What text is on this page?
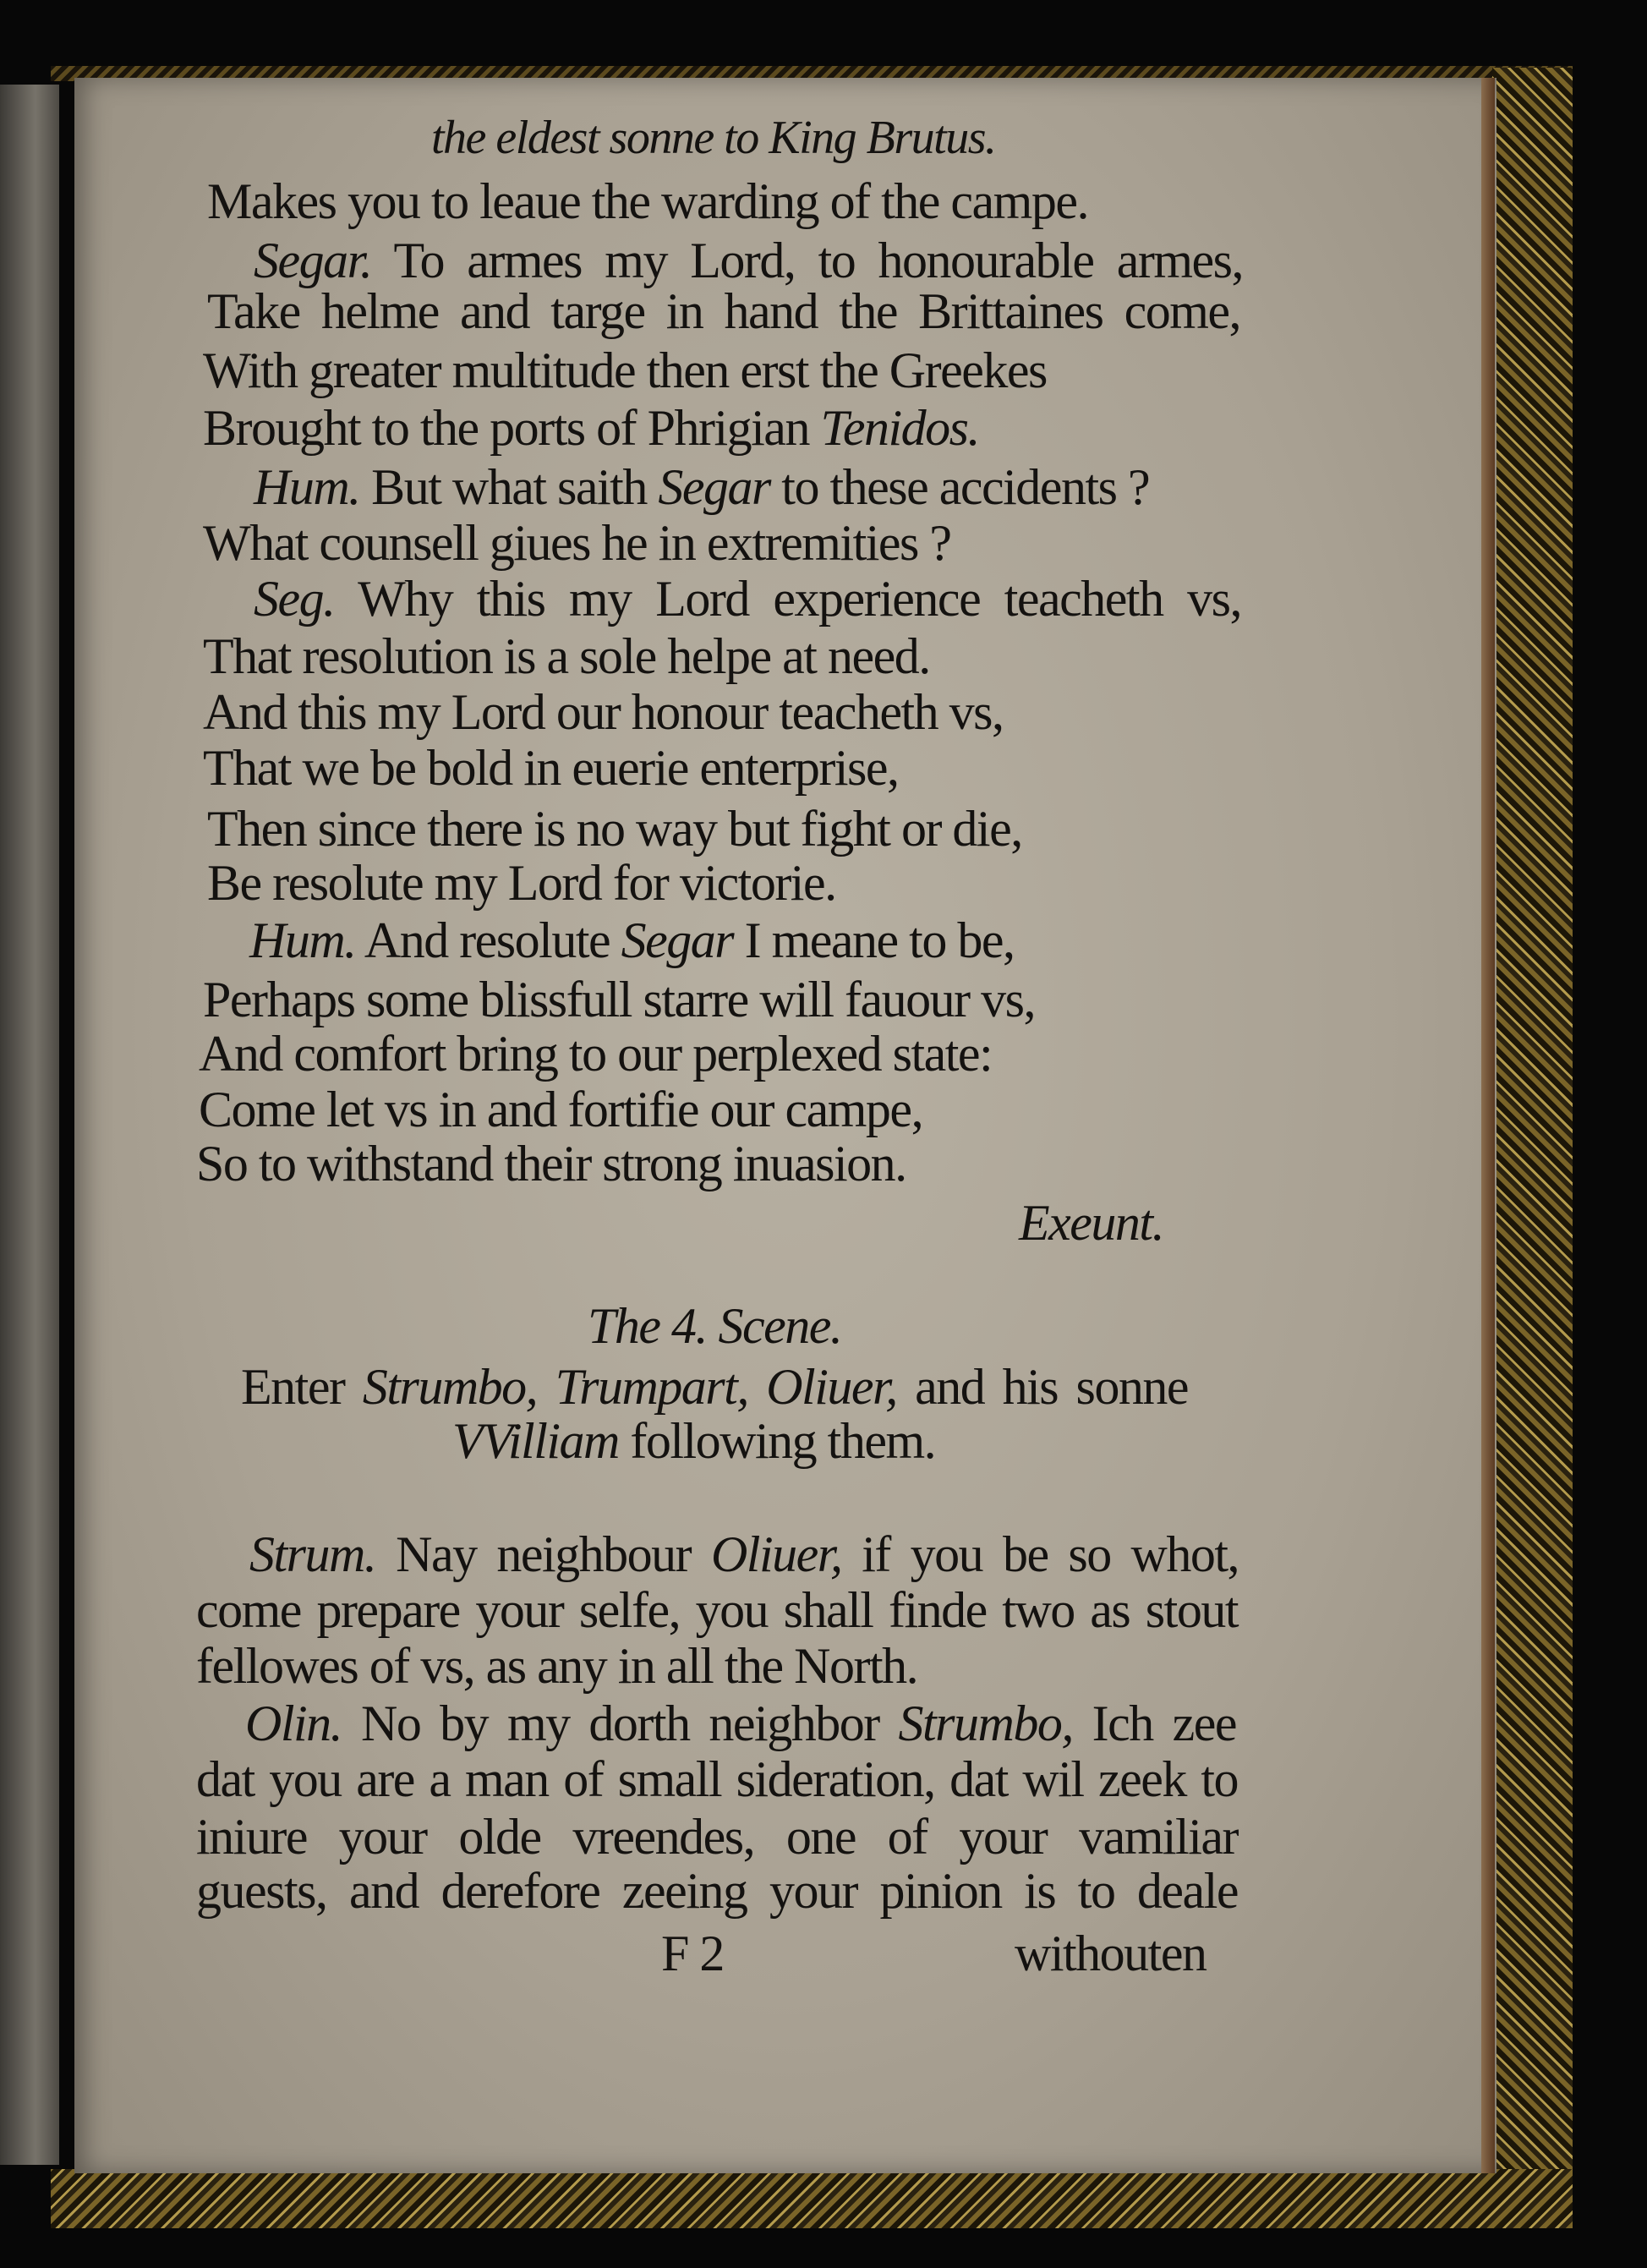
the eldest sonne to King Brutus.
Makes you to leaue the warding of the campe.
Segar. To armes my Lord, to honourable armes,
Take helme and targe in hand the Brittaines come,
With greater multitude then erst the Greekes
Brought to the ports of Phrigian Tenidos.
Hum. But what saith Segar to these accidents ?
What counsell giues he in extremities ?
Seg. Why this my Lord experience teacheth vs,
That resolution is a sole helpe at need.
And this my Lord our honour teacheth vs,
That we be bold in euerie enterprise,
Then since there is no way but fight or die,
Be resolute my Lord for victorie.
Hum. And resolute Segar I meane to be,
Perhaps some blissfull starre will fauour vs,
And comfort bring to our perplexed state:
Come let vs in and fortifie our campe,
So to withstand their strong inuasion.
Exeunt.
The 4. Scene.
Enter Strumbo, Trumpart, Oliuer, and his sonne
VVilliam following them.
Strum. Nay neighbour Oliuer, if you be so whot,
come prepare your selfe, you shall finde two as stout
fellowes of vs, as any in all the North.
Olin. No by my dorth neighbor Strumbo, Ich zee
dat you are a man of small sideration, dat wil zeek to
iniure your olde vreendes, one of your vamiliar
guests, and derefore zeeing your pinion is to deale
F 2	withouten
